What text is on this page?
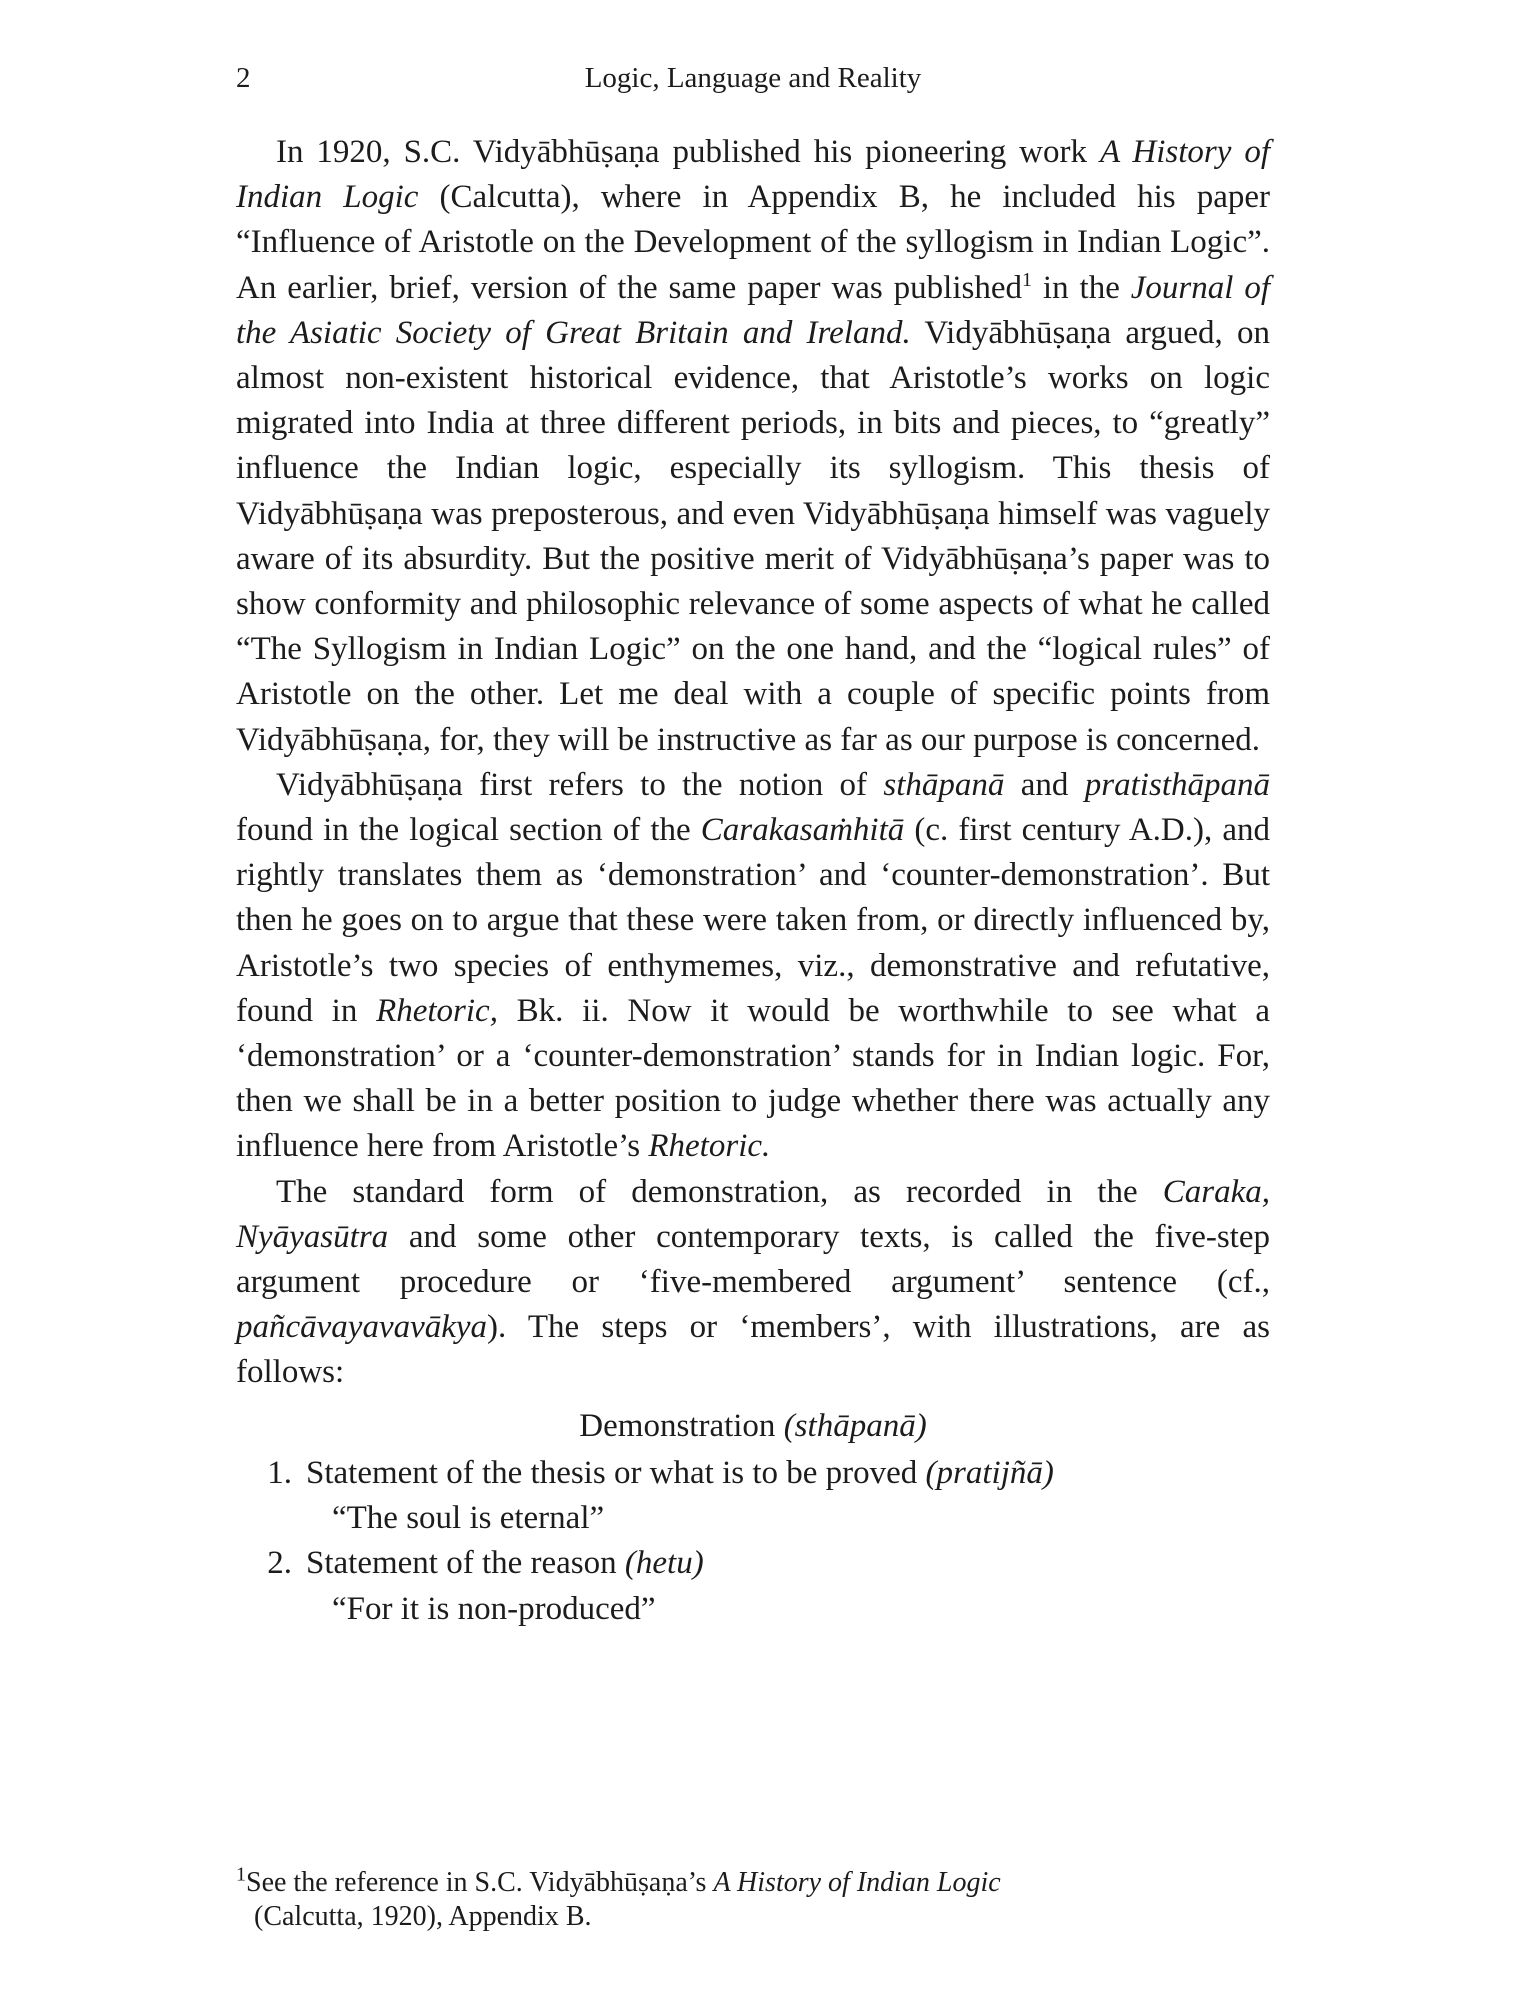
2	Logic, Language and Reality

In 1920, S.C. Vidyābhūṣaṇa published his pioneering work A History of Indian Logic (Calcutta), where in Appendix B, he included his paper “Influence of Aristotle on the Development of the syllogism in Indian Logic”. An earlier, brief, version of the same paper was published$^1$ in the Journal of the Asiatic Society of Great Britain and Ireland. Vidyābhūṣaṇa argued, on almost non-existent historical evidence, that Aristotle’s works on logic migrated into India at three different periods, in bits and pieces, to “greatly” influence the Indian logic, especially its syllogism. This thesis of Vidyābhūṣaṇa was preposterous, and even Vidyābhūṣaṇa himself was vaguely aware of its absurdity. But the positive merit of Vidyābhūṣaṇa’s paper was to show conformity and philosophic relevance of some aspects of what he called “The Syllogism in Indian Logic” on the one hand, and the “logical rules” of Aristotle on the other. Let me deal with a couple of specific points from Vidyābhūṣaṇa, for, they will be instructive as far as our purpose is concerned.

Vidyābhūṣaṇa first refers to the notion of sthāpanā and pratisthāpanā found in the logical section of the Carakasaṁhitā (c. first century A.D.), and rightly translates them as ‘demonstration’ and ‘counter-demonstration’. But then he goes on to argue that these were taken from, or directly influenced by, Aristotle’s two species of enthymemes, viz., demonstrative and refutative, found in Rhetoric, Bk. ii. Now it would be worthwhile to see what a ‘demonstration’ or a ‘counter-demonstration’ stands for in Indian logic. For, then we shall be in a better position to judge whether there was actually any influence here from Aristotle’s Rhetoric.

The standard form of demonstration, as recorded in the Caraka, Nyāyasūtra and some other contemporary texts, is called the five-step argument procedure or ‘five-membered argument’ sentence (cf., pañcāvayavavākya). The steps or ‘members’, with illustrations, are as follows:

Demonstration (sthāpanā)
1. Statement of the thesis or what is to be proved (pratijñā)
“The soul is eternal”
2. Statement of the reason (hetu)
“For it is non-produced”
$^1$See the reference in S.C. Vidyābhūṣaṇa’s A History of Indian Logic
(Calcutta, 1920), Appendix B.
